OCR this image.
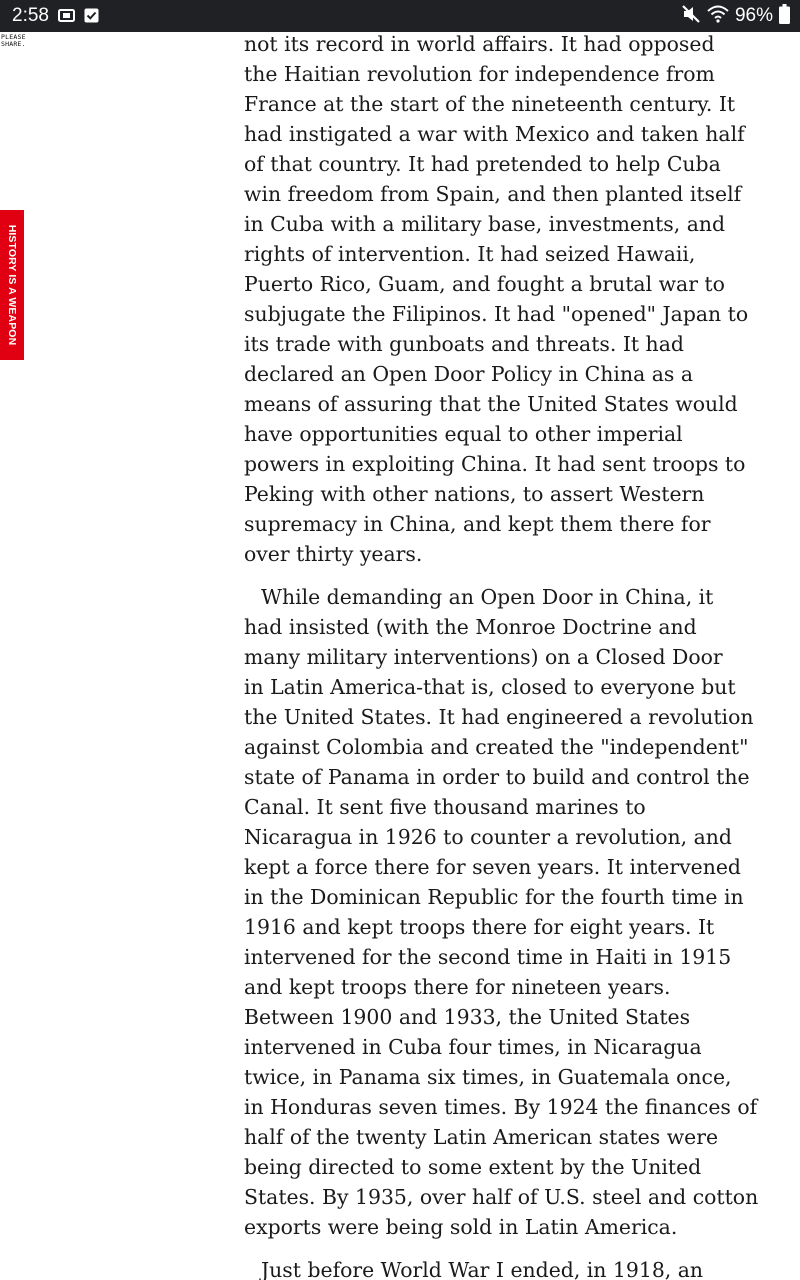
2:58	96%
PLEASE
SHARE.
HISTORY IS A WEAPON
not its record in world affairs. It had opposed
the Haitian revolution for independence from
France at the start of the nineteenth century. It
had instigated a war with Mexico and taken half
of that country. It had pretended to help Cuba
win freedom from Spain, and then planted itself
in Cuba with a military base, investments, and
rights of intervention. It had seized Hawaii,
Puerto Rico, Guam, and fought a brutal war to
subjugate the Filipinos. It had "opened" Japan to
its trade with gunboats and threats. It had
declared an Open Door Policy in China as a
means of assuring that the United States would
have opportunities equal to other imperial
powers in exploiting China. It had sent troops to
Peking with other nations, to assert Western
supremacy in China, and kept them there for
over thirty years.
While demanding an Open Door in China, it
had insisted (with the Monroe Doctrine and
many military interventions) on a Closed Door
in Latin America-that is, closed to everyone but
the United States. It had engineered a revolution
against Colombia and created the "independent"
state of Panama in order to build and control the
Canal. It sent five thousand marines to
Nicaragua in 1926 to counter a revolution, and
kept a force there for seven years. It intervened
in the Dominican Republic for the fourth time in
1916 and kept troops there for eight years. It
intervened for the second time in Haiti in 1915
and kept troops there for nineteen years.
Between 1900 and 1933, the United States
intervened in Cuba four times, in Nicaragua
twice, in Panama six times, in Guatemala once,
in Honduras seven times. By 1924 the finances of
half of the twenty Latin American states were
being directed to some extent by the United
States. By 1935, over half of U.S. steel and cotton
exports were being sold in Latin America.
Just before World War I ended, in 1918, an
